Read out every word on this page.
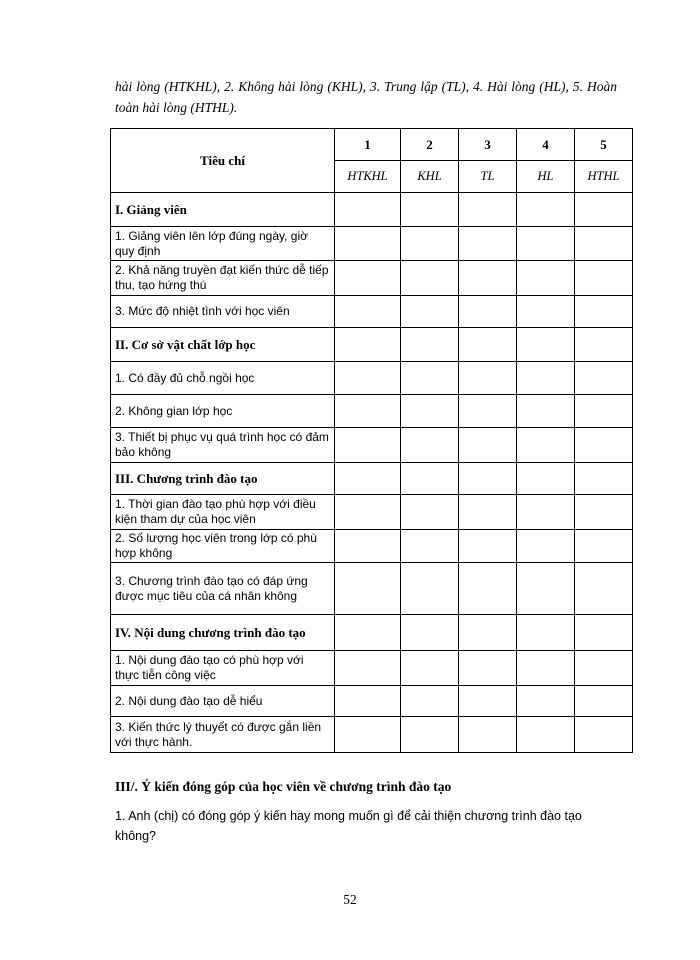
hài lòng (HTKHL), 2. Không hài lòng (KHL), 3. Trung lập (TL), 4. Hài lòng (HL), 5. Hoàn toàn hài lòng (HTHL).
Tiêu chí	1	2	3	4	5
	HTKHL	KHL	TL	HL	HTHL
I. Giảng viên					
1. Giảng viên lên lớp đúng ngày, giờ quy định					
2. Khả năng truyền đạt kiến thức dễ tiếp thu, tạo hứng thú					
3. Mức độ nhiệt tình với học viên					
II. Cơ sở vật chất lớp học					
1. Có đầy đủ chỗ ngồi học					
2. Không gian lớp học					
3. Thiết bị phục vụ quá trình học có đảm bảo không					
III. Chương trình đào tạo					
1. Thời gian đào tạo phù hợp với điều kiện tham dự của học viên					
2. Số lượng học viên trong lớp có phù hợp không					
3. Chương trình đào tạo có đáp ứng được mục tiêu của cá nhân không					
IV. Nội dung chương trình đào tạo					
1. Nội dung đào tạo có phù hợp với thực tiễn công việc					
2. Nội dung đào tạo dễ hiểu					
3. Kiến thức lý thuyết có được gắn liền với thực hành.					
III/. Ý kiến đóng góp của học viên về chương trình đào tạo
1. Anh (chị) có đóng góp ý kiến hay mong muốn gì để cải thiện chương trình đào tạo không?
52
